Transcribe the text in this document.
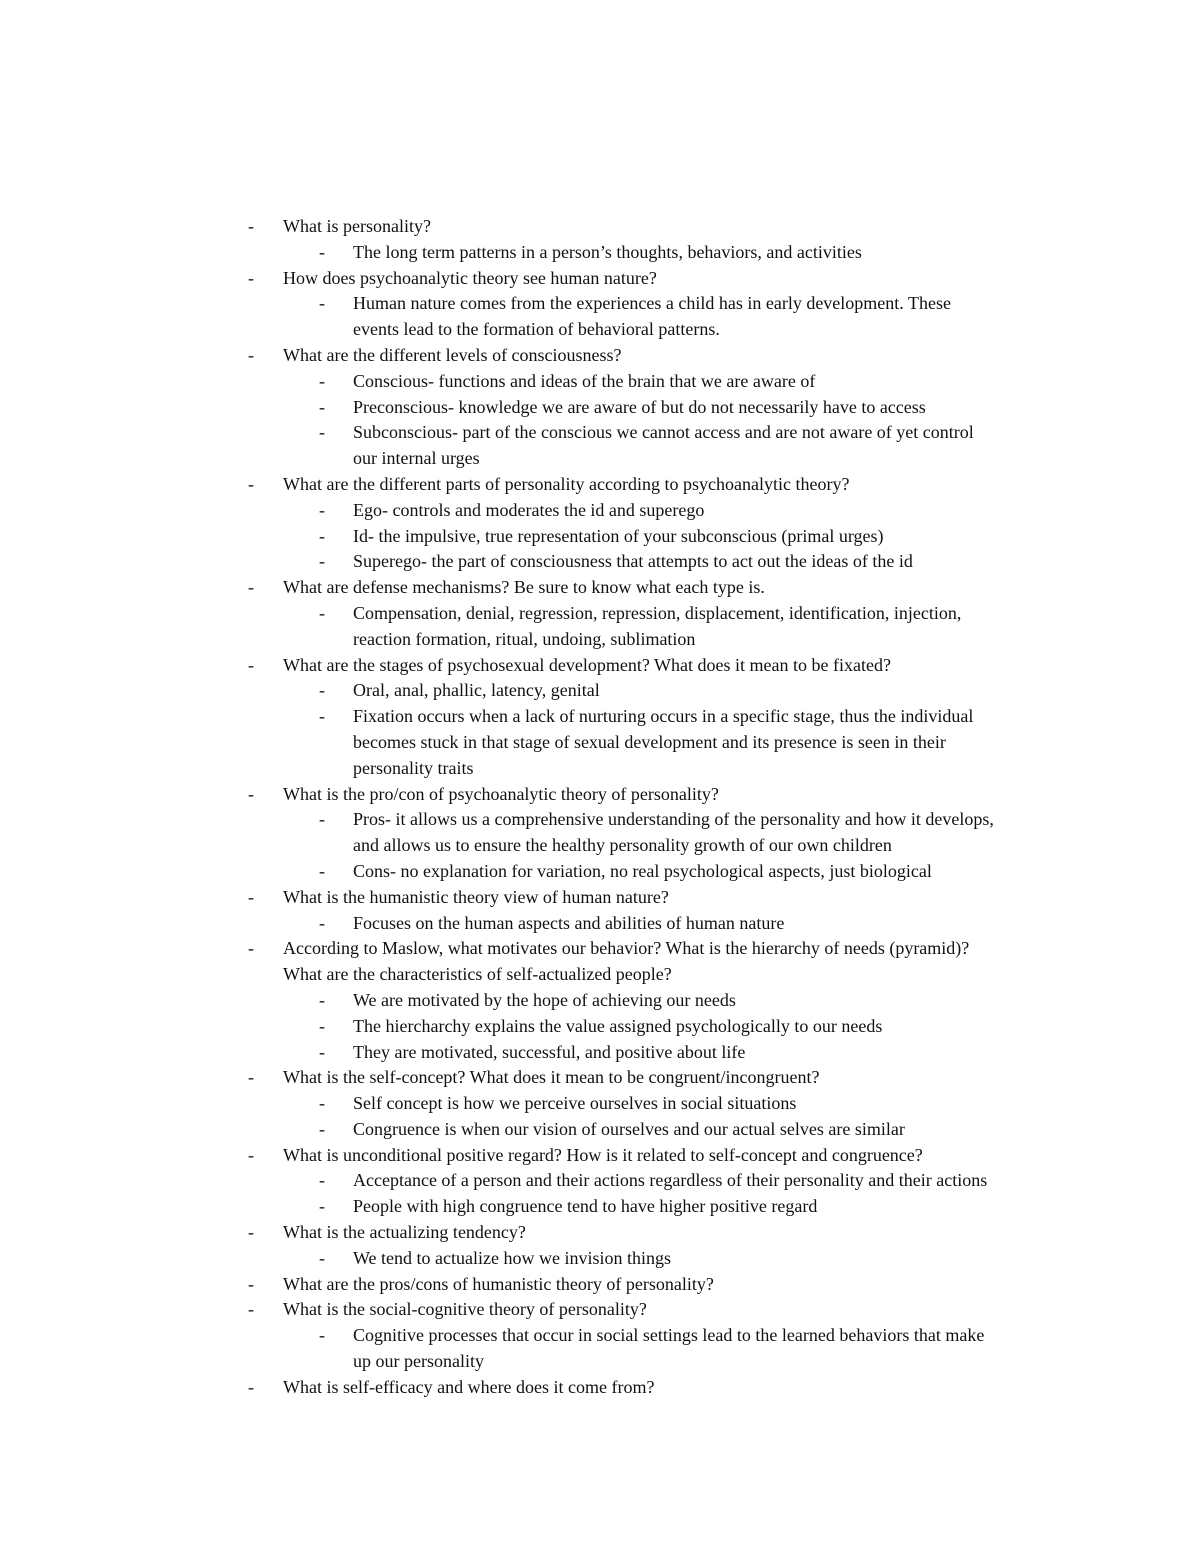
- What is personality?
- The long term patterns in a person’s thoughts, behaviors, and activities
- How does psychoanalytic theory see human nature?
- Human nature comes from the experiences a child has in early development. These
events lead to the formation of behavioral patterns.
- What are the different levels of consciousness?
- Conscious- functions and ideas of the brain that we are aware of
- Preconscious- knowledge we are aware of but do not necessarily have to access
- Subconscious- part of the conscious we cannot access and are not aware of yet control
our internal urges
- What are the different parts of personality according to psychoanalytic theory?
- Ego- controls and moderates the id and superego
- Id- the impulsive, true representation of your subconscious (primal urges)
- Superego- the part of consciousness that attempts to act out the ideas of the id
- What are defense mechanisms? Be sure to know what each type is.
- Compensation, denial, regression, repression, displacement, identification, injection,
reaction formation, ritual, undoing, sublimation
- What are the stages of psychosexual development? What does it mean to be fixated?
- Oral, anal, phallic, latency, genital
- Fixation occurs when a lack of nurturing occurs in a specific stage, thus the individual
becomes stuck in that stage of sexual development and its presence is seen in their
personality traits
- What is the pro/con of psychoanalytic theory of personality?
- Pros- it allows us a comprehensive understanding of the personality and how it develops,
and allows us to ensure the healthy personality growth of our own children
- Cons- no explanation for variation, no real psychological aspects, just biological
- What is the humanistic theory view of human nature?
- Focuses on the human aspects and abilities of human nature
- According to Maslow, what motivates our behavior? What is the hierarchy of needs (pyramid)?
What are the characteristics of self-actualized people?
- We are motivated by the hope of achieving our needs
- The hiercharchy explains the value assigned psychologically to our needs
- They are motivated, successful, and positive about life
- What is the self-concept? What does it mean to be congruent/incongruent?
- Self concept is how we perceive ourselves in social situations
- Congruence is when our vision of ourselves and our actual selves are similar
- What is unconditional positive regard? How is it related to self-concept and congruence?
- Acceptance of a person and their actions regardless of their personality and their actions
- People with high congruence tend to have higher positive regard
- What is the actualizing tendency?
- We tend to actualize how we invision things
- What are the pros/cons of humanistic theory of personality?
- What is the social-cognitive theory of personality?
- Cognitive processes that occur in social settings lead to the learned behaviors that make
up our personality
- What is self-efficacy and where does it come from?
